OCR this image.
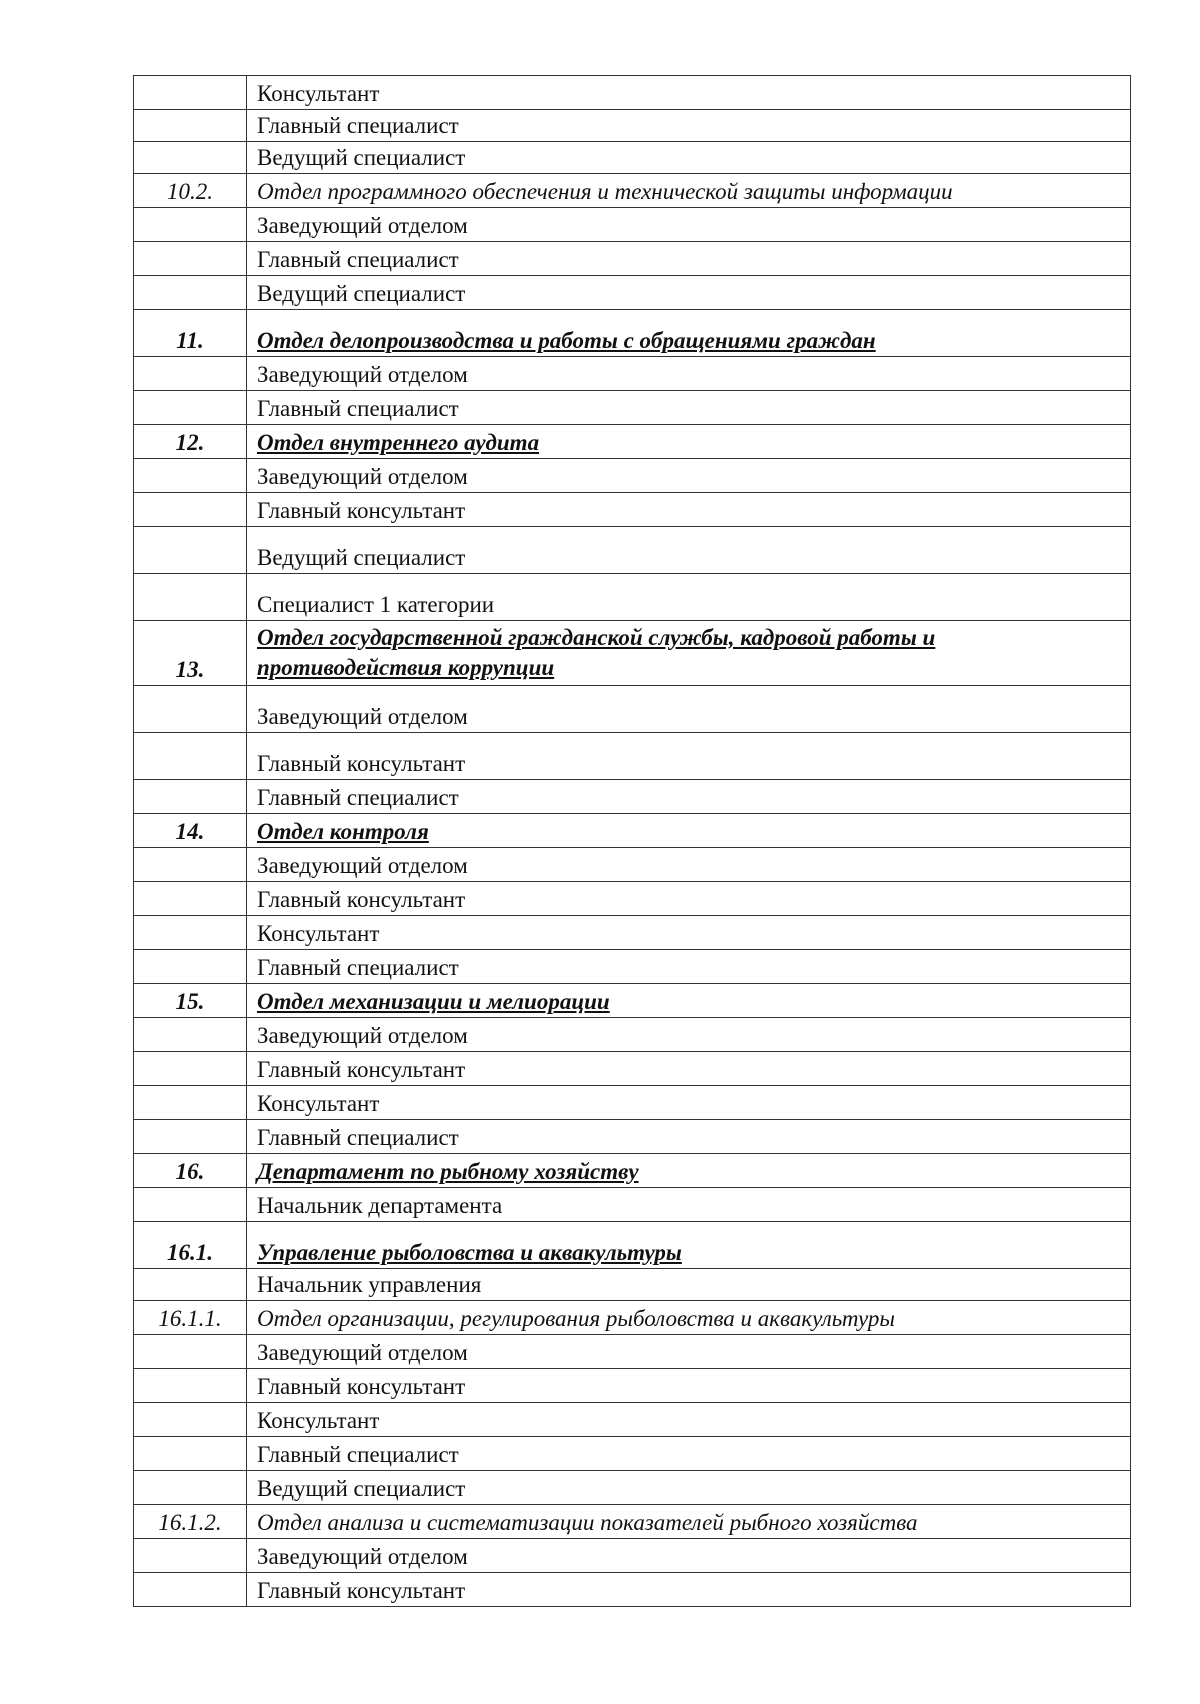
	Консультант
	Главный специалист
	Ведущий специалист
10.2.	Отдел программного обеспечения и технической защиты информации
	Заведующий отделом
	Главный специалист
	Ведущий специалист
11.	Отдел делопроизводства и работы с обращениями граждан
	Заведующий отделом
	Главный специалист
12.	Отдел внутреннего аудита
	Заведующий отделом
	Главный консультант
	Ведущий специалист
	Специалист 1 категории
13.	Отдел государственной гражданской службы, кадровой работы и противодействия коррупции
	Заведующий отделом
	Главный консультант
	Главный специалист
14.	Отдел контроля
	Заведующий отделом
	Главный консультант
	Консультант
	Главный специалист
15.	Отдел механизации и мелиорации
	Заведующий отделом
	Главный консультант
	Консультант
	Главный специалист
16.	Департамент по рыбному хозяйству
	Начальник департамента
16.1.	Управление рыболовства и аквакультуры
	Начальник управления
16.1.1.	Отдел организации, регулирования рыболовства и аквакультуры
	Заведующий отделом
	Главный консультант
	Консультант
	Главный специалист
	Ведущий специалист
16.1.2.	Отдел анализа и систематизации показателей рыбного хозяйства
	Заведующий отделом
	Главный консультант
